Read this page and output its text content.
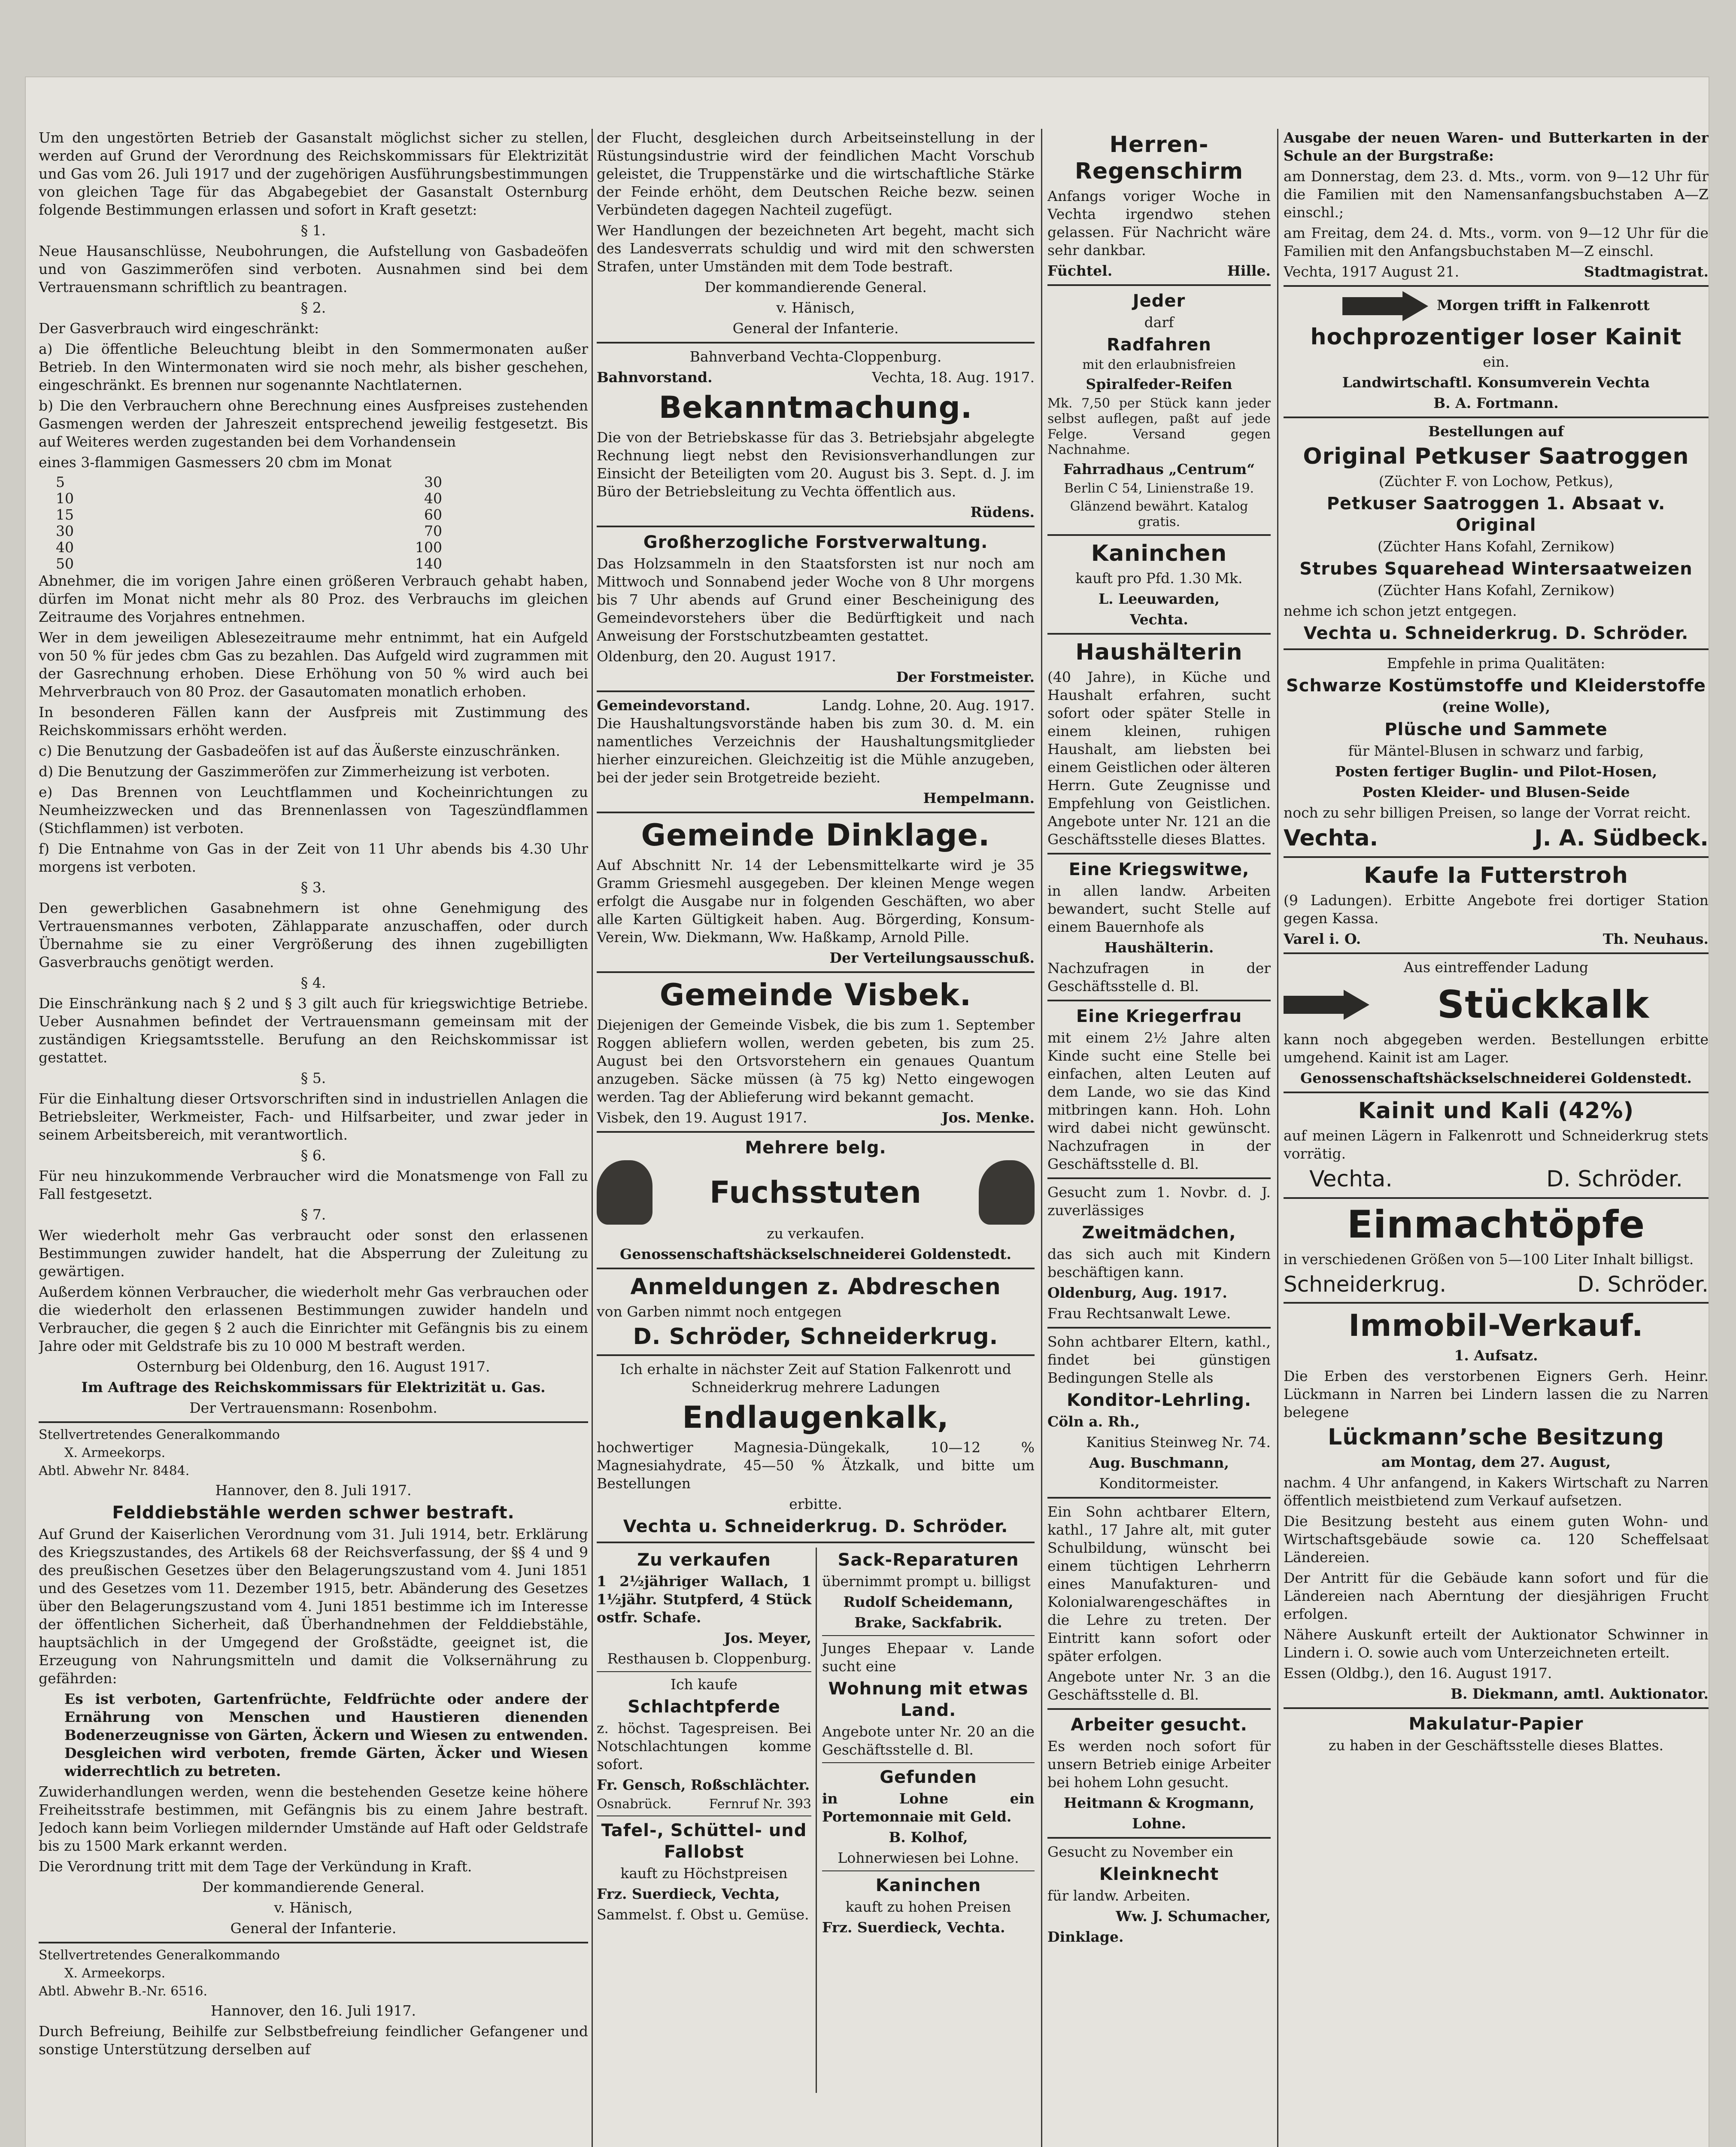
Um den ungestörten Betrieb der Gasanstalt möglichst sicher zu stellen, werden auf Grund der Verordnung des Reichskommissars für Elektrizität und Gas vom 26. Juli 1917 und der zugehörigen Ausführungsbestimmungen von gleichen Tage für das Abgabegebiet der Gasanstalt Osternburg folgende Bestimmungen erlassen und sofort in Kraft gesetzt:

§ 1.

Neue Hausanschlüsse, Neubohrungen, die Aufstellung von Gasbadeöfen und von Gaszimmeröfen sind verboten. Ausnahmen sind bei dem Vertrauensmann schriftlich zu beantragen.

§ 2.

Der Gasverbrauch wird eingeschränkt:

a) Die öffentliche Beleuchtung bleibt in den Sommermonaten außer Betrieb. In den Wintermonaten wird sie noch mehr, als bisher geschehen, eingeschränkt. Es brennen nur sogenannte Nachtlaternen.

b) Die den Verbrauchern ohne Berechnung eines Ausfpreises zustehenden Gasmengen werden der Jahreszeit entsprechend jeweilig festgesetzt. Bis auf Weiteres werden zugestanden bei dem Vorhandensein

eines 3-flammigen Gasmessers 20 cbm im Monat

5	30
10	40
15	60
30	70
40	100
50	140

Abnehmer, die im vorigen Jahre einen größeren Verbrauch gehabt haben, dürfen im Monat nicht mehr als 80 Proz. des Verbrauchs im gleichen Zeitraume des Vorjahres entnehmen.

Wer in dem jeweiligen Ablesezeitraume mehr entnimmt, hat ein Aufgeld von 50 % für jedes cbm Gas zu bezahlen. Das Aufgeld wird zugrammen mit der Gasrechnung erhoben. Diese Erhöhung von 50 % wird auch bei Mehrverbrauch von 80 Proz. der Gasautomaten monatlich erhoben.

In besonderen Fällen kann der Ausfpreis mit Zustimmung des Reichskommissars erhöht werden.

c) Die Benutzung der Gasbadeöfen ist auf das Äußerste einzuschränken.

d) Die Benutzung der Gaszimmeröfen zur Zimmerheizung ist verboten.

e) Das Brennen von Leuchtflammen und Kocheinrichtungen zu Neumheizzwecken und das Brennenlassen von Tageszündflammen (Stichflammen) ist verboten.

f) Die Entnahme von Gas in der Zeit von 11 Uhr abends bis 4.30 Uhr morgens ist verboten.

§ 3.

Den gewerblichen Gasabnehmern ist ohne Genehmigung des Vertrauensmannes verboten, Zählapparate anzuschaffen, oder durch Übernahme sie zu einer Vergrößerung des ihnen zugebilligten Gasverbrauchs genötigt werden.

§ 4.

Die Einschränkung nach § 2 und § 3 gilt auch für kriegswichtige Betriebe. Ueber Ausnahmen befindet der Vertrauensmann gemeinsam mit der zuständigen Kriegsamtsstelle. Berufung an den Reichskommissar ist gestattet.

§ 5.

Für die Einhaltung dieser Ortsvorschriften sind in industriellen Anlagen die Betriebsleiter, Werkmeister, Fach- und Hilfsarbeiter, und zwar jeder in seinem Arbeitsbereich, mit verantwortlich.

§ 6.

Für neu hinzukommende Verbraucher wird die Monatsmenge von Fall zu Fall festgesetzt.

§ 7.

Wer wiederholt mehr Gas verbraucht oder sonst den erlassenen Bestimmungen zuwider handelt, hat die Absperrung der Zuleitung zu gewärtigen.

Außerdem können Verbraucher, die wiederholt mehr Gas verbrauchen oder die wiederholt den erlassenen Bestimmungen zuwider handeln und Verbraucher, die gegen § 2 auch die Einrichter mit Gefängnis bis zu einem Jahre oder mit Geldstrafe bis zu 10 000 M bestraft werden.

Osternburg bei Oldenburg, den 16. August 1917.

Im Auftrage des Reichskommissars für Elektrizität u. Gas.

Der Vertrauensmann: Rosenbohm.

Stellvertretendes Generalkommando

X. Armeekorps.

Abtl. Abwehr Nr. 8484.

Hannover, den 8. Juli 1917.

Felddiebstähle werden schwer bestraft.

Auf Grund der Kaiserlichen Verordnung vom 31. Juli 1914, betr. Erklärung des Kriegszustandes, des Artikels 68 der Reichsverfassung, der §§ 4 und 9 des preußischen Gesetzes über den Belagerungszustand vom 4. Juni 1851 und des Gesetzes vom 11. Dezember 1915, betr. Abänderung des Gesetzes über den Belagerungszustand vom 4. Juni 1851 bestimme ich im Interesse der öffentlichen Sicherheit, daß Überhandnehmen der Felddiebstähle, hauptsächlich in der Umgegend der Großstädte, geeignet ist, die Erzeugung von Nahrungsmitteln und damit die Volksernährung zu gefährden:

Es ist verboten, Gartenfrüchte, Feldfrüchte oder andere der Ernährung von Menschen und Haustieren dienenden Bodenerzeugnisse von Gärten, Äckern und Wiesen zu entwenden. Desgleichen wird verboten, fremde Gärten, Äcker und Wiesen widerrechtlich zu betreten.

Zuwiderhandlungen werden, wenn die bestehenden Gesetze keine höhere Freiheitsstrafe bestimmen, mit Gefängnis bis zu einem Jahre bestraft. Jedoch kann beim Vorliegen mildernder Umstände auf Haft oder Geldstrafe bis zu 1500 Mark erkannt werden.

Die Verordnung tritt mit dem Tage der Verkündung in Kraft.

Der kommandierende General.

v. Hänisch,

General der Infanterie.

Stellvertretendes Generalkommando

X. Armeekorps.

Abtl. Abwehr B.-Nr. 6516.

Hannover, den 16. Juli 1917.

Durch Befreiung, Beihilfe zur Selbstbefreiung feindlicher Gefangener und sonstige Unterstützung derselben auf

der Flucht, desgleichen durch Arbeitseinstellung in der Rüstungsindustrie wird der feindlichen Macht Vorschub geleistet, die Truppenstärke und die wirtschaftliche Stärke der Feinde erhöht, dem Deutschen Reiche bezw. seinen Verbündeten dagegen Nachteil zugefügt.

Wer Handlungen der bezeichneten Art begeht, macht sich des Landesverrats schuldig und wird mit den schwersten Strafen, unter Umständen mit dem Tode bestraft.

Der kommandierende General.

v. Hänisch,

General der Infanterie.

Bahnverband Vechta-Cloppenburg.

Bahnvorstand.	Vechta, 18. Aug. 1917.
Bekanntmachung.

Die von der Betriebskasse für das 3. Betriebsjahr abgelegte Rechnung liegt nebst den Revisionsverhandlungen zur Einsicht der Beteiligten vom 20. August bis 3. Sept. d. J. im Büro der Betriebsleitung zu Vechta öffentlich aus.

Rüdens.

Großherzogliche Forstverwaltung.

Das Holzsammeln in den Staatsforsten ist nur noch am Mittwoch und Sonnabend jeder Woche von 8 Uhr morgens bis 7 Uhr abends auf Grund einer Bescheinigung des Gemeindevorstehers über die Bedürftigkeit und nach Anweisung der Forstschutzbeamten gestattet.

Oldenburg, den 20. August 1917.

Der Forstmeister.

Gemeindevorstand.	Landg. Lohne, 20. Aug. 1917.

Die Haushaltungsvorstände haben bis zum 30. d. M. ein namentliches Verzeichnis der Haushaltungsmitglieder hierher einzureichen. Gleichzeitig ist die Mühle anzugeben, bei der jeder sein Brotgetreide bezieht.

Hempelmann.

Gemeinde Dinklage.

Auf Abschnitt Nr. 14 der Lebensmittelkarte wird je 35 Gramm Griesmehl ausgegeben. Der kleinen Menge wegen erfolgt die Ausgabe nur in folgenden Geschäften, wo aber alle Karten Gültigkeit haben. Aug. Börgerding, Konsum-Verein, Ww. Diekmann, Ww. Haßkamp, Arnold Pille.

Der Verteilungsausschuß.

Gemeinde Visbek.

Diejenigen der Gemeinde Visbek, die bis zum 1. September Roggen abliefern wollen, werden gebeten, bis zum 25. August bei den Ortsvorstehern ein genaues Quantum anzugeben. Säcke müssen (à 75 kg) Netto eingewogen werden. Tag der Ablieferung wird bekannt gemacht.

Visbek, den 19. August 1917.	Jos. Menke.
Mehrere belg.
Fuchsstuten

zu verkaufen.

Genossenschaftshäckselschneiderei Goldenstedt.

Anmeldungen z. Abdreschen

von Garben nimmt noch entgegen

D. Schröder, Schneiderkrug.

Ich erhalte in nächster Zeit auf Station Falkenrott und Schneiderkrug mehrere Ladungen

Endlaugenkalk,

hochwertiger Magnesia-Düngekalk, 10—12 % Magnesiahydrate, 45—50 % Ätzkalk, und bitte um Bestellungen

erbitte.

Vechta u. Schneiderkrug. D. Schröder.
Zu verkaufen

1 2½jähriger Wallach, 1 1½jähr. Stutpferd, 4 Stück ostfr. Schafe.

Jos. Meyer,

Resthausen b. Cloppenburg.

Ich kaufe

Schlachtpferde

z. höchst. Tagespreisen. Bei Notschlachtungen komme sofort.

Fr. Gensch, Roßschlächter.

Osnabrück.	Fernruf Nr. 393
Tafel-, Schüttel- und Fallobst

kauft zu Höchstpreisen

Frz. Suerdieck, Vechta,

Sammelst. f. Obst u. Gemüse.

Sack-Reparaturen

übernimmt prompt u. billigst

Rudolf Scheidemann,

Brake, Sackfabrik.

Junges Ehepaar v. Lande sucht eine

Wohnung mit etwas Land.

Angebote unter Nr. 20 an die Geschäftsstelle d. Bl.

Gefunden

in Lohne ein Portemonnaie mit Geld.

B. Kolhof,

Lohnerwiesen bei Lohne.

Kaninchen

kauft zu hohen Preisen

Frz. Suerdieck, Vechta.

Herren-Regenschirm

Anfangs voriger Woche in Vechta irgendwo stehen gelassen. Für Nachricht wäre sehr dankbar.

Füchtel.	Hille.
Jeder

darf

Radfahren

mit den erlaubnisfreien

Spiralfeder-Reifen

Mk. 7,50 per Stück kann jeder selbst auflegen, paßt auf jede Felge. Versand gegen Nachnahme.

Fahrradhaus „Centrum“

Berlin C 54, Linienstraße 19.

Glänzend bewährt. Katalog gratis.

Kaninchen

kauft pro Pfd. 1.30 Mk.

L. Leeuwarden,

Vechta.

Haushälterin

(40 Jahre), in Küche und Haushalt erfahren, sucht sofort oder später Stelle in einem kleinen, ruhigen Haushalt, am liebsten bei einem Geistlichen oder älteren Herrn. Gute Zeugnisse und Empfehlung von Geistlichen. Angebote unter Nr. 121 an die Geschäftsstelle dieses Blattes.

Eine Kriegswitwe,

in allen landw. Arbeiten bewandert, sucht Stelle auf einem Bauernhofe als

Haushälterin.

Nachzufragen in der Geschäftsstelle d. Bl.

Eine Kriegerfrau

mit einem 2½ Jahre alten Kinde sucht eine Stelle bei einfachen, alten Leuten auf dem Lande, wo sie das Kind mitbringen kann. Hoh. Lohn wird dabei nicht gewünscht. Nachzufragen in der Geschäftsstelle d. Bl.

Gesucht zum 1. Novbr. d. J. zuverlässiges

Zweitmädchen,

das sich auch mit Kindern beschäftigen kann.

Oldenburg, Aug. 1917.

Frau Rechtsanwalt Lewe.

Sohn achtbarer Eltern, kathl., findet bei günstigen Bedingungen Stelle als

Konditor-Lehrling.

Cöln a. Rh.,

Kanitius Steinweg Nr. 74.

Aug. Buschmann,

Konditormeister.

Ein Sohn achtbarer Eltern, kathl., 17 Jahre alt, mit guter Schulbildung, wünscht bei einem tüchtigen Lehrherrn eines Manufakturen- und Kolonialwarengeschäftes in die Lehre zu treten. Der Eintritt kann sofort oder später erfolgen.

Angebote unter Nr. 3 an die Geschäftsstelle d. Bl.

Arbeiter gesucht.

Es werden noch sofort für unsern Betrieb einige Arbeiter bei hohem Lohn gesucht.

Heitmann & Krogmann,

Lohne.

Gesucht zu November ein

Kleinknecht

für landw. Arbeiten.

Ww. J. Schumacher,

Dinklage.

Ausgabe der neuen Waren- und Butterkarten in der Schule an der Burgstraße:

am Donnerstag, dem 23. d. Mts., vorm. von 9—12 Uhr für die Familien mit den Namensanfangsbuchstaben A—Z einschl.;

am Freitag, dem 24. d. Mts., vorm. von 9—12 Uhr für die Familien mit den Anfangsbuchstaben M—Z einschl.

Vechta, 1917 August 21.	Stadtmagistrat.

Morgen trifft in Falkenrott

hochprozentiger loser Kainit

ein.

Landwirtschaftl. Konsumverein Vechta

B. A. Fortmann.

Bestellungen auf

Original Petkuser Saatroggen

(Züchter F. von Lochow, Petkus),

Petkuser Saatroggen 1. Absaat v. Original

(Züchter Hans Kofahl, Zernikow)

Strubes Squarehead Wintersaatweizen

(Züchter Hans Kofahl, Zernikow)

nehme ich schon jetzt entgegen.

Vechta u. Schneiderkrug. D. Schröder.

Empfehle in prima Qualitäten:

Schwarze Kostümstoffe und Kleiderstoffe

(reine Wolle),

Plüsche und Sammete

für Mäntel-Blusen in schwarz und farbig,

Posten fertiger Buglin- und Pilot-Hosen,

Posten Kleider- und Blusen-Seide

noch zu sehr billigen Preisen, so lange der Vorrat reicht.

Vechta.	J. A. Südbeck.
Kaufe Ia Futterstroh

(9 Ladungen). Erbitte Angebote frei dortiger Station gegen Kassa.

Varel i. O.	Th. Neuhaus.

Aus eintreffender Ladung

Stückkalk

kann noch abgegeben werden. Bestellungen erbitte umgehend. Kainit ist am Lager.

Genossenschaftshäckselschneiderei Goldenstedt.

Kainit und Kali (42%)

auf meinen Lägern in Falkenrott und Schneiderkrug stets vorrätig.

Vechta.	D. Schröder.
Einmachtöpfe

in verschiedenen Größen von 5—100 Liter Inhalt billigst.

Schneiderkrug.	D. Schröder.
Immobil-Verkauf.

1. Aufsatz.

Die Erben des verstorbenen Eigners Gerh. Heinr. Lückmann in Narren bei Lindern lassen die zu Narren belegene

Lückmann’sche Besitzung

am Montag, dem 27. August,

nachm. 4 Uhr anfangend, in Kakers Wirtschaft zu Narren öffentlich meistbietend zum Verkauf aufsetzen.

Die Besitzung besteht aus einem guten Wohn- und Wirtschaftsgebäude sowie ca. 120 Scheffelsaat Ländereien.

Der Antritt für die Gebäude kann sofort und für die Ländereien nach Aberntung der diesjährigen Frucht erfolgen.

Nähere Auskunft erteilt der Auktionator Schwinner in Lindern i. O. sowie auch vom Unterzeichneten erteilt.

Essen (Oldbg.), den 16. August 1917.

B. Diekmann, amtl. Auktionator.

Makulatur-Papier

zu haben in der Geschäftsstelle dieses Blattes.
